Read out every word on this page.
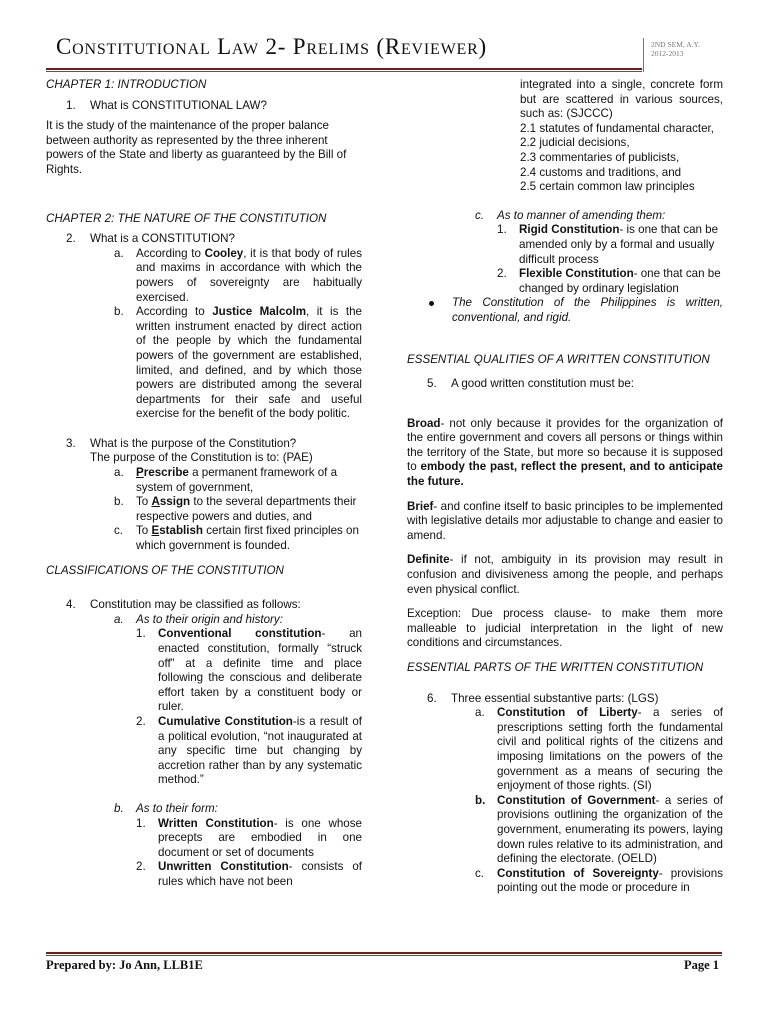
Constitutional Law 2- Prelims (Reviewer)	2ND SEM, A.Y.
2012-2013

CHAPTER 1: INTRODUCTION

1.	What is CONSTITUTIONAL LAW?

It is the study of the maintenance of the proper balance between authority as represented by the three inherent powers of the State and liberty as guaranteed by the Bill of Rights.

CHAPTER 2: THE NATURE OF THE CONSTITUTION

2.	What is a CONSTITUTION?
a.	According to Cooley, it is that body of rules and maxims in accordance with which the powers of sovereignty are habitually exercised.
b.	According to Justice Malcolm, it is the written instrument enacted by direct action of the people by which the fundamental powers of the government are established, limited, and defined, and by which those powers are distributed among the several departments for their safe and useful exercise for the benefit of the body politic.
3.	What is the purpose of the Constitution?

The purpose of the Constitution is to: (PAE)

a.	Prescribe a permanent framework of a system of government,
b.	To Assign to the several departments their respective powers and duties, and
c.	To Establish certain first fixed principles on which government is founded.

CLASSIFICATIONS OF THE CONSTITUTION

4.	Constitution may be classified as follows:
a.	As to their origin and history:
1.	Conventional constitution- an enacted constitution, formally “struck off” at a definite time and place following the conscious and deliberate effort taken by a constituent body or ruler.
2.	Cumulative Constitution-is a result of a political evolution, “not inaugurated at any specific time but changing by accretion rather than by any systematic method.”
b.	As to their form:
1.	Written Constitution- is one whose precepts are embodied in one document or set of documents
2.	Unwritten Constitution- consists of rules which have not been

integrated into a single, concrete form but are scattered in various sources, such as: (SJCCC)

2.1 statutes of fundamental character,

2.2 judicial decisions,

2.3 commentaries of publicists,

2.4 customs and traditions, and

2.5 certain common law principles

c.	As to manner of amending them:
1.	Rigid Constitution- is one that can be amended only by a formal and usually difficult process
2.	Flexible Constitution- one that can be changed by ordinary legislation
The Constitution of the Philippines is written, conventional, and rigid.

ESSENTIAL QUALITIES OF A WRITTEN CONSTITUTION

5.	A good written constitution must be:

Broad- not only because it provides for the organization of the entire government and covers all persons or things within the territory of the State, but more so because it is supposed to embody the past, reflect the present, and to anticipate the future.

Brief- and confine itself to basic principles to be implemented with legislative details mor adjustable to change and easier to amend.

Definite- if not, ambiguity in its provision may result in confusion and divisiveness among the people, and perhaps even physical conflict.

Exception: Due process clause- to make them more malleable to judicial interpretation in the light of new conditions and circumstances.

ESSENTIAL PARTS OF THE WRITTEN CONSTITUTION

6.	Three essential substantive parts: (LGS)
a.	Constitution of Liberty- a series of prescriptions setting forth the fundamental civil and political rights of the citizens and imposing limitations on the powers of the government as a means of securing the enjoyment of those rights. (SI)
b.	Constitution of Government- a series of provisions outlining the organization of the government, enumerating its powers, laying down rules relative to its administration, and defining the electorate. (OELD)
c.	Constitution of Sovereignty- provisions pointing out the mode or procedure in
Prepared by: Jo Ann, LLB1E	Page 1
